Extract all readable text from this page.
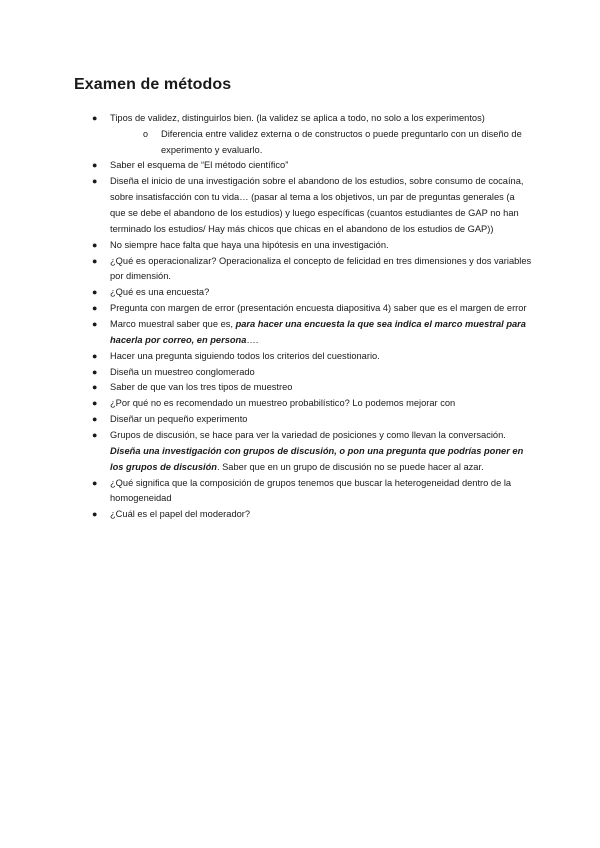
Examen de métodos
●	Tipos de validez, distinguirlos bien. (la validez se aplica a todo, no solo a los experimentos)
o	Diferencia entre validez externa o de constructos o puede preguntarlo con un diseño de experimento y evaluarlo.
●	Saber el esquema de “El método científico”
●	Diseña el inicio de una investigación sobre el abandono de los estudios, sobre consumo de cocaína, sobre insatisfacción con tu vida… (pasar al tema a los objetivos, un par de preguntas generales (a que se debe el abandono de los estudios) y luego específicas (cuantos estudiantes de GAP no han terminado los estudios/ Hay más chicos que chicas en el abandono de los estudios de GAP))
●	No siempre hace falta que haya una hipótesis en una investigación.
●	¿Qué es operacionalizar? Operacionaliza el concepto de felicidad en tres dimensiones y dos variables por dimensión.
●	¿Qué es una encuesta?
●	Pregunta con margen de error (presentación encuesta diapositiva 4) saber que es el margen de error
●	Marco muestral saber que es, para hacer una encuesta la que sea indica el marco muestral para hacerla por correo, en persona….
●	Hacer una pregunta siguiendo todos los criterios del cuestionario.
●	Diseña un muestreo conglomerado
●	Saber de que van los tres tipos de muestreo
●	¿Por qué no es recomendado un muestreo probabilístico? Lo podemos mejorar con
●	Diseñar un pequeño experimento
●	Grupos de discusión, se hace para ver la variedad de posiciones y como llevan la conversación. Diseña una investigación con grupos de discusión, o pon una pregunta que podrías poner en los grupos de discusión. Saber que en un grupo de discusión no se puede hacer al azar.
●	¿Qué significa que la composición de grupos tenemos que buscar la heterogeneidad dentro de la homogeneidad
●	¿Cuál es el papel del moderador?
